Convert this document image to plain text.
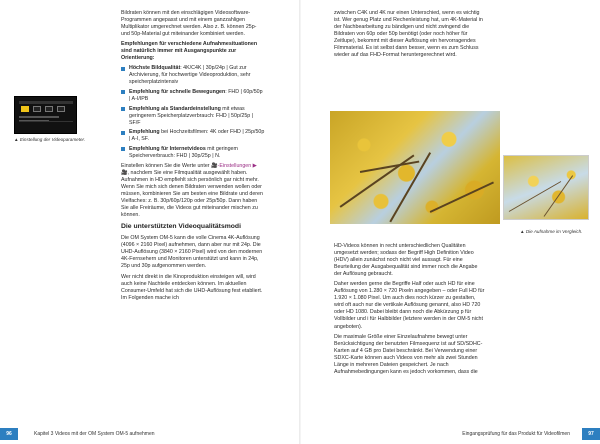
▲ Einstellung der Videoparameter.

Bildraten können mit den einschlägigen Videosoftware-Programmen angepasst und mit einem ganzzahligen Multiplikator umgerechnet werden. Also z. B. können 25p- und 50p-Material gut miteinander kombiniert werden.

Empfehlungen für verschiedene Aufnahmesituationen sind natürlich immer mit Ausgangspunkte zur Orientierung:

Höchste Bildqualität: 4K/C4K | 30p/24p | Gut zur Archivierung, für hochwertige Videoproduktion, sehr speicherplatzintensiv
Empfehlung für schnelle Bewegungen: FHD | 60p/50p | A-I/IPB
Empfehlung als Standardeinstellung mit etwas geringerem Speicherplatzverbrauch: FHD | 50p/25p | SF/F
Empfehlung bei Hochzeitsfilmen: 4K oder FHD | 25p/50p | A-I, SF.
Empfehlung für Internetvideos mit geringem Speicherverbrauch: FHD | 30p/25p | N.

Einstellen können Sie die Werte unter 🎥-Einstellungen ▶ 🎥, nachdem Sie eine Filmqualität ausgewählt haben. Aufnahmen in HD empfiehlt sich persönlich gar nicht mehr. Wenn Sie mich sich denen Bildraten verwenden wollen oder müssen, kombinieren Sie am besten eine Bildrate und deren Vielfaches: z. B. 30p/60p/120p oder 25p/50p. Dann haben Sie alle Freiräume, die Videos gut miteinander mischen zu können.

Die unterstützten Videoqualitätsmodi

Die OM System OM-5 kann die volle Cinema 4K-Auflösung (4096 × 2160 Pixel) aufnehmen, dann aber nur mit 24p. Die UHD-Auflösung (3840 × 2160 Pixel) wird von den modernen 4K-Fernsehern und Monitoren unterstützt und kann in 24p, 25p und 30p aufgenommen werden.

Wer nicht direkt in die Kinoproduktion einsteigen will, wird auch keine Nachteile entdecken können. Im aktuellen Consumer-Umfeld hat sich die UHD-Auflösung fest etabliert. Im Folgenden mache ich

96	Kapitel 3 Videos mit der OM System OM-5 aufnehmen

zwischen C4K und 4K nur einen Unterschied, wenn es wichtig ist. Wer genug Platz und Rechenleistung hat, um 4K-Material in der Nachbearbeitung zu bändigen und nicht zwingend die Bildraten von 60p oder 50p benötigt (oder noch höher für Zeitlupe), bekommt mit dieser Auflösung ein hervorragendes Filmmaterial. Es ist selbst dann besser, wenn es zum Schluss wieder auf das FHD-Format heruntergerechnet wird.

▲ Die Aufnahme im Vergleich.

HD-Videos können in recht unterschiedlichen Qualitäten umgesetzt werden; sodass der Begriff High Definition Video (HDV) allein zunächst noch nicht viel aussagt. Für eine Beurteilung der Ausgabequalität sind immer noch die Angabe der Auflösung gebraucht.

Daher werden gerne die Begriffe Half oder auch HD für eine Auflösung von 1.280 × 720 Pixeln angegeben – oder Full HD für 1.920 × 1.080 Pixel. Um auch dies noch kürzer zu gestalten, wird oft auch nur die vertikale Auflösung genannt, also HD 720 oder HD 1080. Dabei bleibt dann noch die Abkürzung p für Vollbilder und i für Halbbilder (letztere werden in der OM-5 nicht angeboten).

Die maximale Größe einer Einzelaufnahme bewegt unter Berücksichtigung der benutzten Filmsequenz ist auf SD/SDHC-Karten auf 4 GB pro Datei beschränkt. Bei Verwendung einer SDXC-Karte können auch Videos von mehr als zwei Stunden Länge in mehreren Dateien gespeichert. Je nach Aufnahmebedingungen kann es jedoch vorkommen, dass die

Eingangsprüfung für das Produkt für Videofilmen	97
